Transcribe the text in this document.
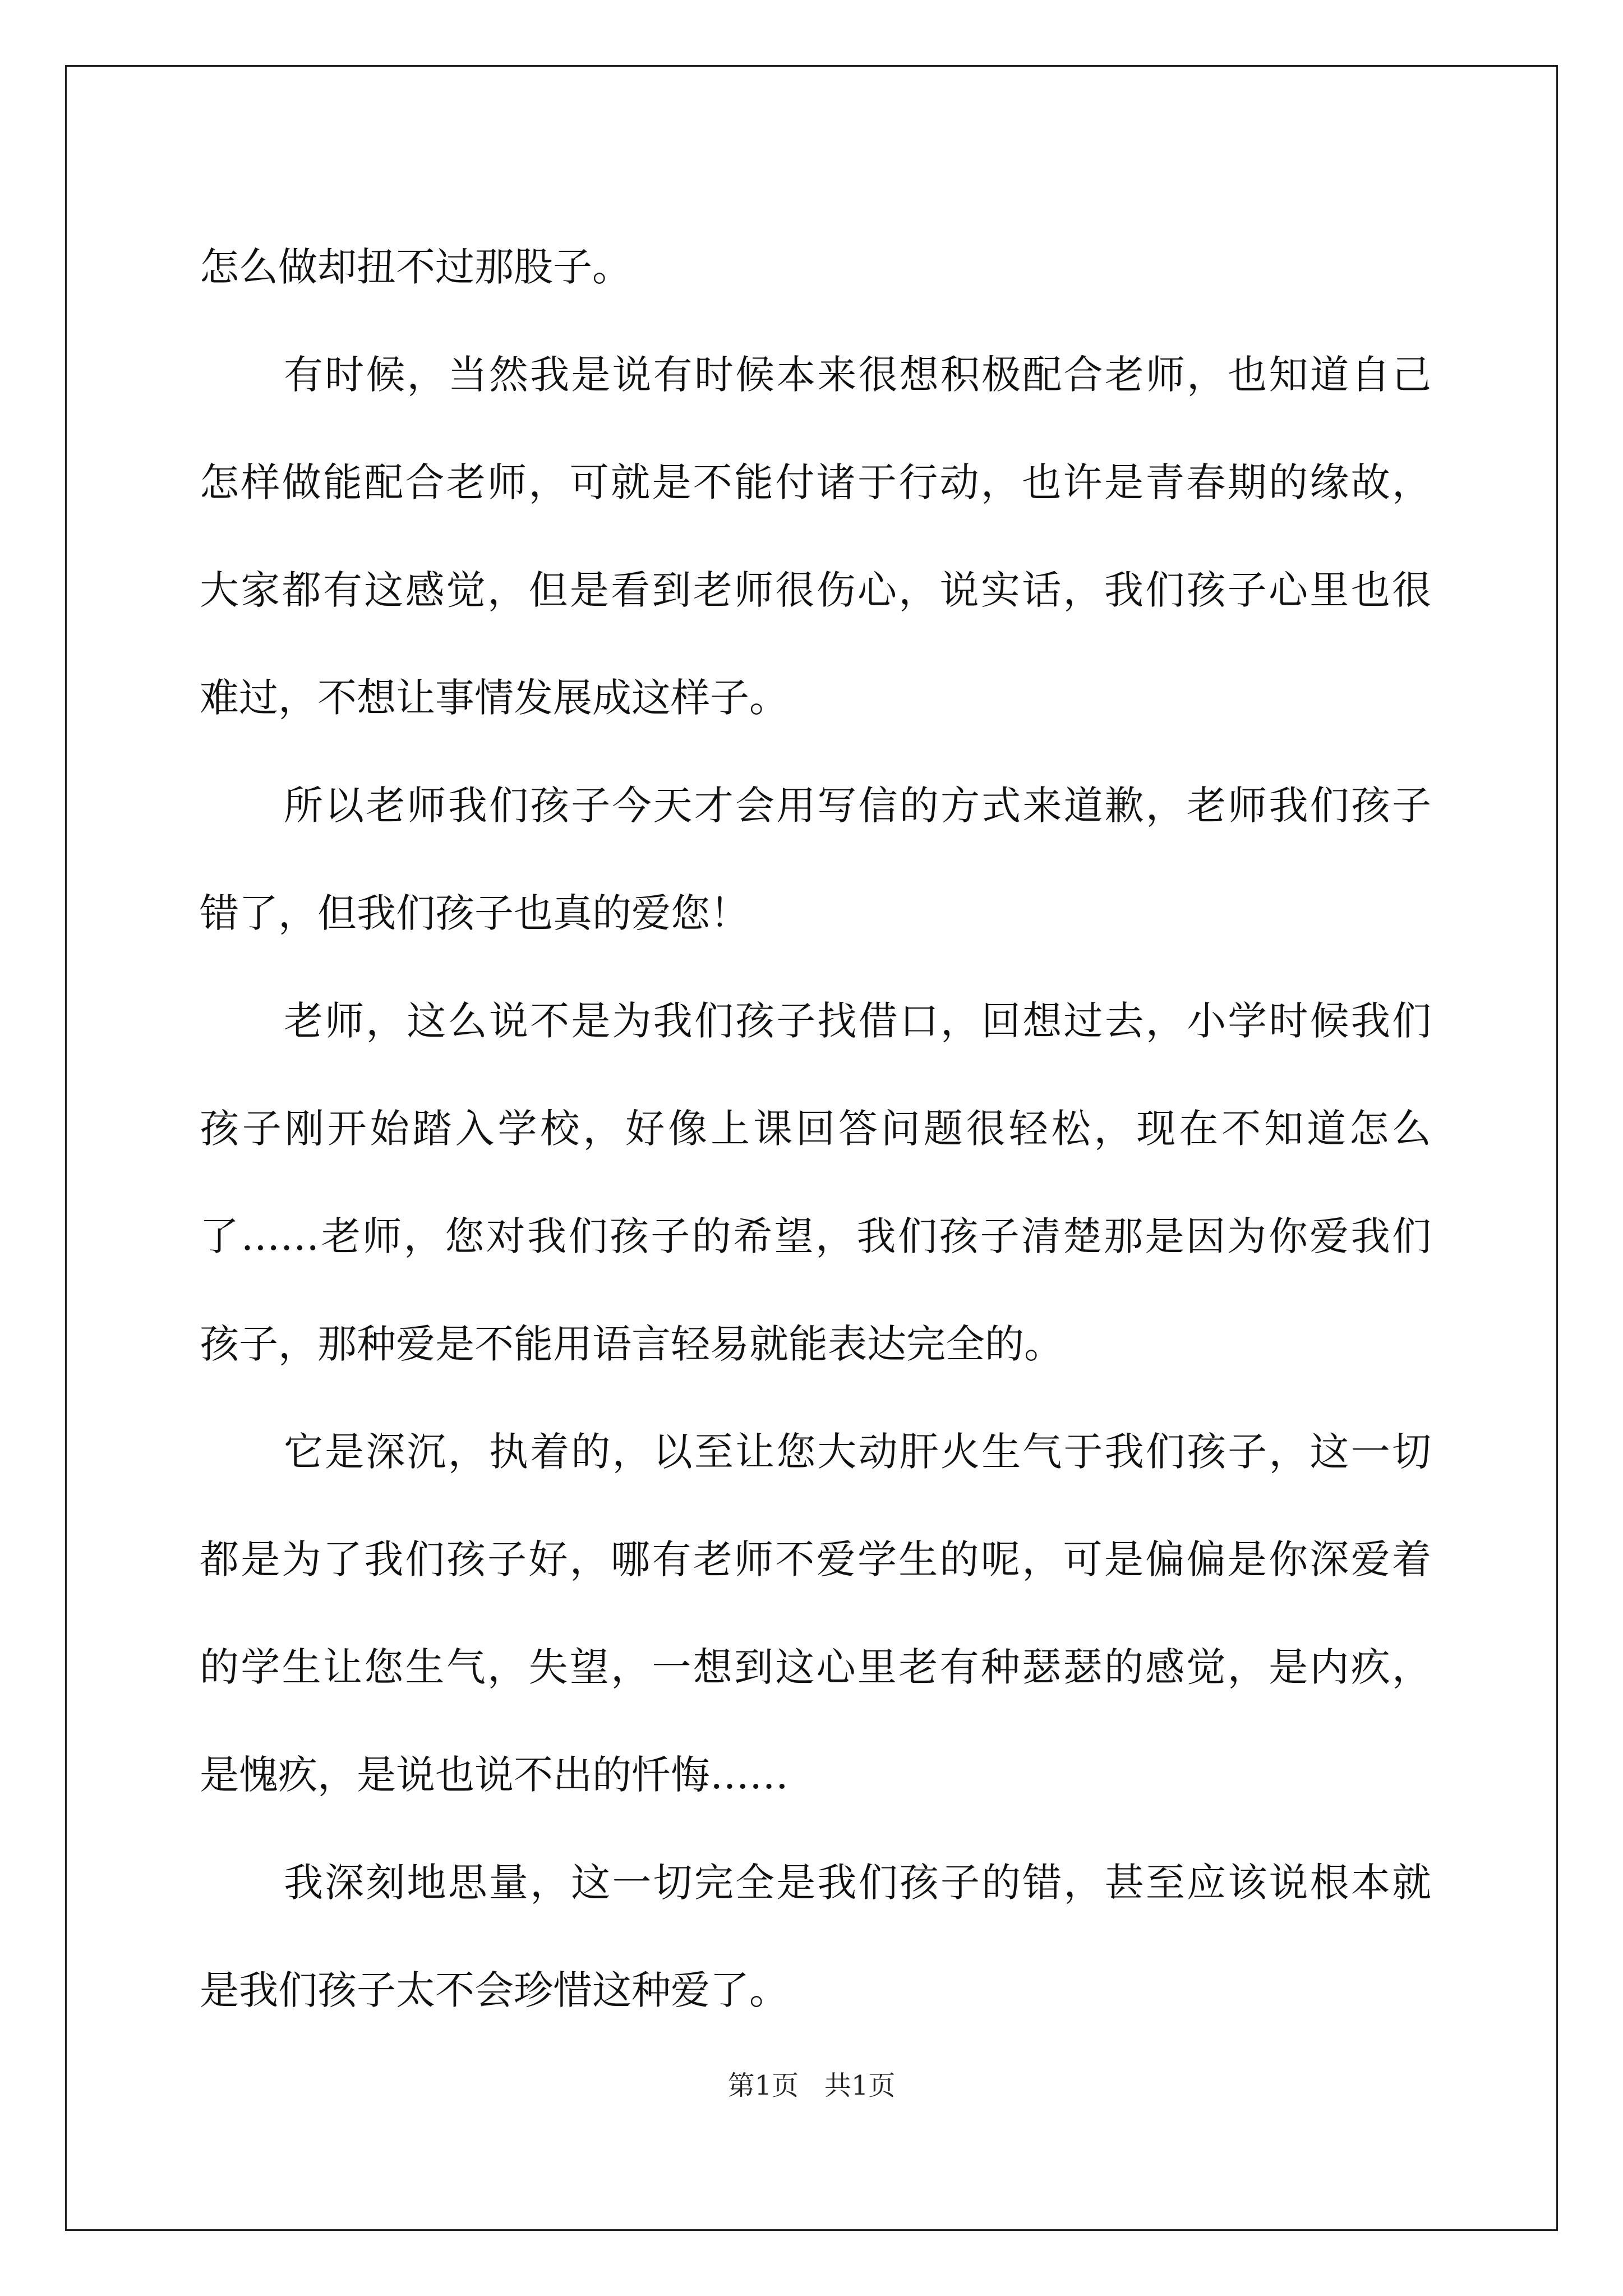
怎么做却扭不过那股子。
有时候，当然我是说有时候本来很想积极配合老师，也知道自己
怎样做能配合老师，可就是不能付诸于行动，也许是青春期的缘故，
大家都有这感觉，但是看到老师很伤心，说实话，我们孩子心里也很
难过，不想让事情发展成这样子。
所以老师我们孩子今天才会用写信的方式来道歉，老师我们孩子
错了，但我们孩子也真的爱您！
老师，这么说不是为我们孩子找借口，回想过去，小学时候我们
孩子刚开始踏入学校，好像上课回答问题很轻松，现在不知道怎么
了……老师，您对我们孩子的希望，我们孩子清楚那是因为你爱我们
孩子，那种爱是不能用语言轻易就能表达完全的。
它是深沉，执着的，以至让您大动肝火生气于我们孩子，这一切
都是为了我们孩子好，哪有老师不爱学生的呢，可是偏偏是你深爱着
的学生让您生气，失望，一想到这心里老有种瑟瑟的感觉，是内疚，
是愧疚，是说也说不出的忏悔……
我深刻地思量，这一切完全是我们孩子的错，甚至应该说根本就
是我们孩子太不会珍惜这种爱了。
第1页   共1页
